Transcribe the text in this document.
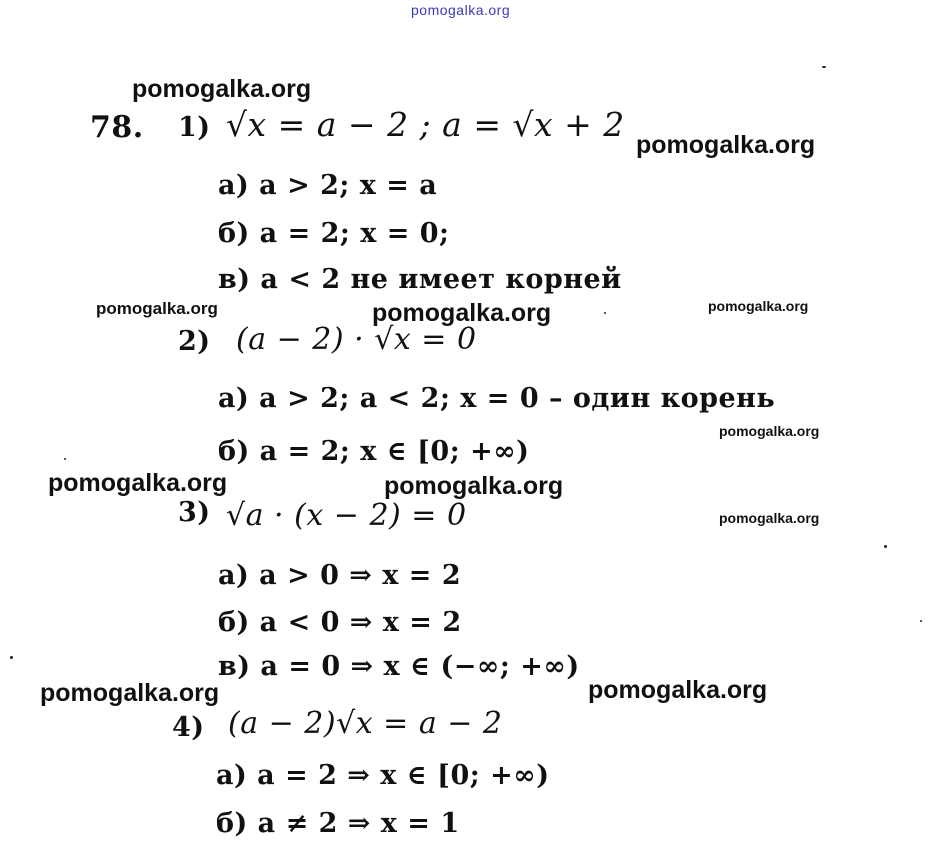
pomogalka.org
pomogalka.org
pomogalka.org
pomogalka.org	pomogalka.org	pomogalka.org
pomogalka.org
pomogalka.org	pomogalka.org
pomogalka.org
pomogalka.org	pomogalka.org
78. 1) √x = a − 2 ; a = √x + 2
а) a > 2; x = a
б) a = 2; x = 0;
в) a < 2 не имеет корней
2) (a − 2) · √x = 0
а) a > 2; a < 2; x = 0 – один корень
б) a = 2; x ∈ [0; +∞)
3) √a · (x − 2) = 0
а) a > 0 ⇒ x = 2
б) a < 0 ⇒ x = 2
в) a = 0 ⇒ x ∈ (−∞; +∞)
4) (a − 2)√x = a − 2
а) a = 2 ⇒ x ∈ [0; +∞)
б) a ≠ 2 ⇒ x = 1
